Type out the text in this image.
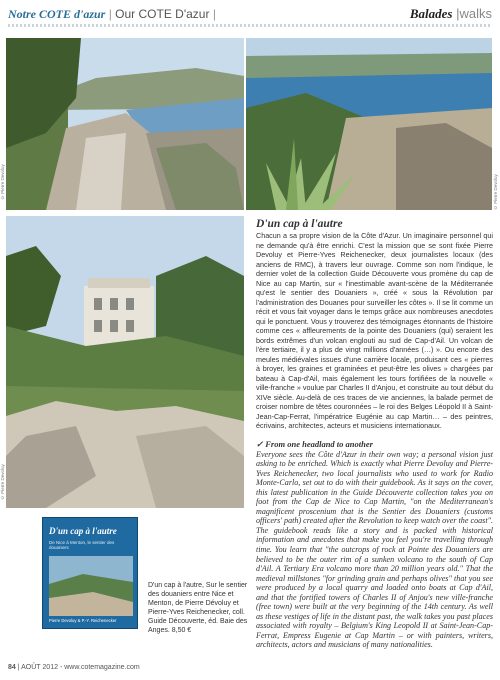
Notre COTE d'azur | Our COTE D'azur |	Balades |walks
© Pierre Devoluy	© Pierre Devoluy
© Pierre Devoluy
D'un cap à l'autre

Chacun a sa propre vision de la Côte d'Azur. Un imaginaire personnel qui ne demande qu'à être enrichi. C'est la mission que se sont fixée Pierre Devoluy et Pierre-Yves Reichenecker, deux journalistes locaux (des anciens de RMC), à travers leur ouvrage. Comme son nom l'indique, le dernier volet de la collection Guide Découverte vous promène du cap de Nice au cap Martin, sur « l'inestimable avant-scène de la Méditerranée qu'est le sentier des Douaniers », créé « sous la Révolution par l'administration des Douanes pour surveiller les côtes ». Il se lit comme un récit et vous fait voyager dans le temps grâce aux nombreuses anecdotes qui le ponctuent. Vous y trouverez des témoignages étonnants de l'histoire comme ces « affleurements de la pointe des Douaniers (qui) seraient les bords extrêmes d'un volcan englouti au sud de Cap-d'Ail. Un volcan de l'ère tertiaire, il y a plus de vingt millions d'années (…) ». Ou encore des meules médiévales issues d'une carrière locale, produisant ces « pierres à broyer, les graines et graminées et peut-être les olives » chargées par bateau à Cap-d'Ail, mais également les tours fortifiées de la nouvelle « ville-franche » voulue par Charles II d'Anjou, et construite au tout début du XIVe siècle. Au-delà de ces traces de vie anciennes, la balade permet de croiser nombre de têtes couronnées – le roi des Belges Léopold II à Saint-Jean-Cap-Ferrat, l'impératrice Eugénie au cap Martin… – des peintres, écrivains, architectes, acteurs et musiciens internationaux.

✓ From one headland to another

Everyone sees the Côte d'Azur in their own way; a personal vision just asking to be enriched. Which is exactly what Pierre Devoluy and Pierre-Yves Reichenecker, two local journalists who used to work for Radio Monte-Carlo, set out to do with their guidebook. As it says on the cover, this latest publication in the Guide Découverte collection takes you on foot from the Cap de Nice to Cap Martin, "on the Mediterranean's magnificent proscenium that is the Sentier des Douaniers (customs officers' path) created after the Revolution to keep watch over the coast". The guidebook reads like a story and is packed with historical information and anecdotes that make you feel you're travelling through time. You learn that "the outcrops of rock at Pointe des Douaniers are believed to be the outer rim of a sunken volcano to the south of Cap d'Ail. A Tertiary Era volcano more than 20 million years old." That the medieval millstones "for grinding grain and perhaps olives" that you see were produced by a local quarry and loaded onto boats at Cap d'Ail, and that the fortified towers of Charles II of Anjou's new ville-franche (free town) were built at the very beginning of the 14th century. As well as these vestiges of life in the distant past, the walk takes you past places associated with royalty – Belgium's King Leopold II at Saint-Jean-Cap-Ferrat, Empress Eugenie at Cap Martin – or with painters, writers, architects, actors and musicians of many nationalities.

D'un cap à l'autre
De Nice à Menton, le sentier des douaniers
Pierre Devoluy & P.-Y. Reichenecker
D'un cap à l'autre, Sur le sentier des douaniers entre Nice et Menton, de Pierre Dévoluy et Pierre-Yves Reichenecker, coll. Guide Découverte, éd. Baie des Anges. 8,50 €
84 | AOÛT 2012 - www.cotemagazine.com
